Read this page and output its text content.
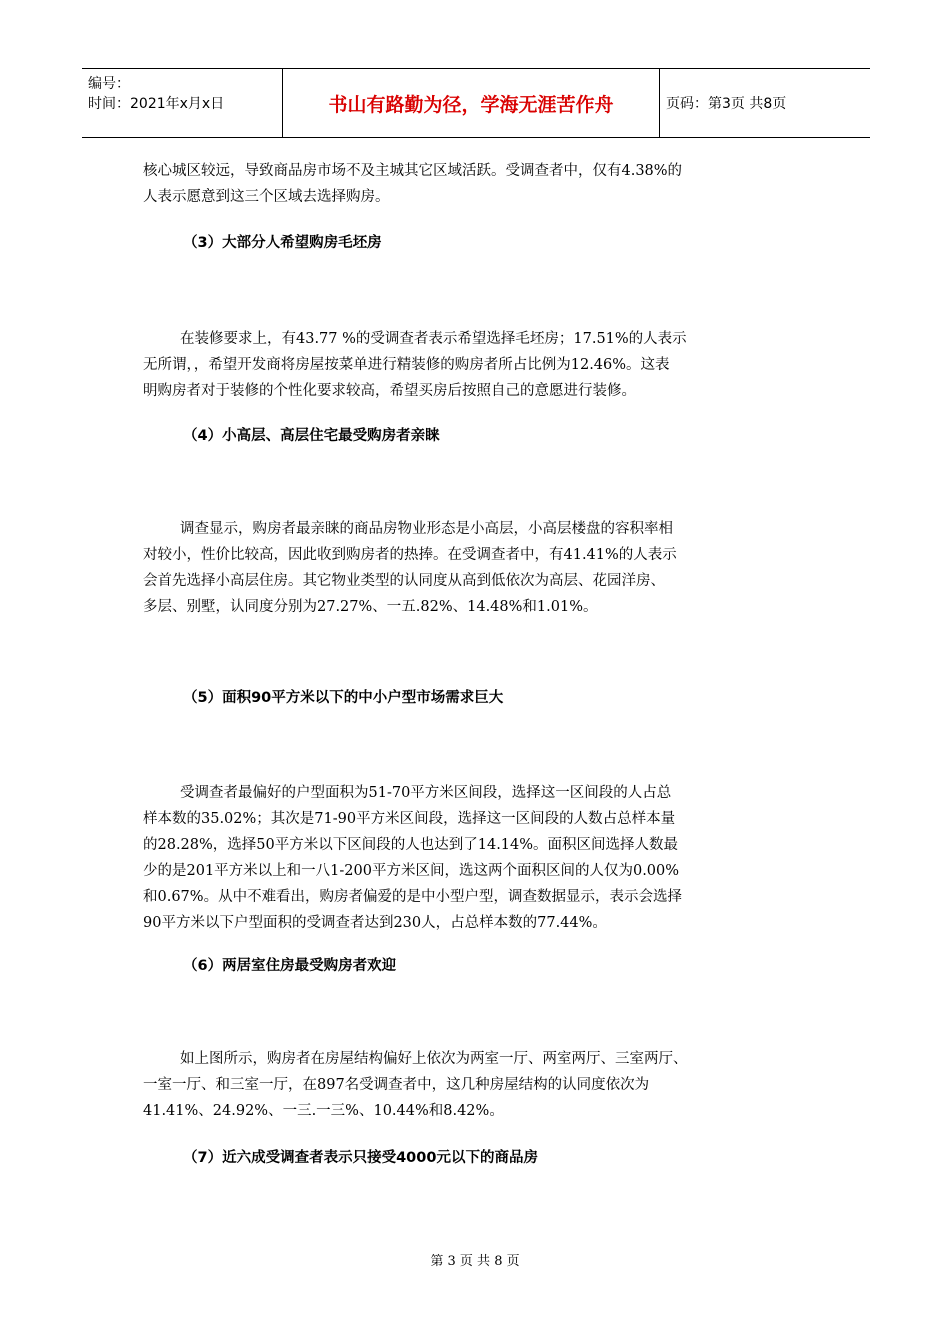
编号：
时间：2021年x月x日	书山有路勤为径，学海无涯苦作舟	页码：第3页 共8页
核心城区较远，导致商品房市场不及主城其它区域活跃。受调查者中，仅有4.38%的
人表示愿意到这三个区域去选择购房。
（3）大部分人希望购房毛坯房
在装修要求上，有43.77 %的受调查者表示希望选择毛坯房；17.51%的人表示
无所谓，，希望开发商将房屋按菜单进行精装修的购房者所占比例为12.46%。这表
明购房者对于装修的个性化要求较高，希望买房后按照自己的意愿进行装修。
（4）小高层、高层住宅最受购房者亲睐
调查显示，购房者最亲睐的商品房物业形态是小高层，小高层楼盘的容积率相
对较小，性价比较高，因此收到购房者的热捧。在受调查者中，有41.41%的人表示
会首先选择小高层住房。其它物业类型的认同度从高到低依次为高层、花园洋房、
多层、别墅，认同度分别为27.27%、一五.82%、14.48%和1.01%。
（5）面积90平方米以下的中小户型市场需求巨大
受调查者最偏好的户型面积为51-70平方米区间段，选择这一区间段的人占总
样本数的35.02%；其次是71-90平方米区间段，选择这一区间段的人数占总样本量
的28.28%，选择50平方米以下区间段的人也达到了14.14%。面积区间选择人数最
少的是201平方米以上和一八1-200平方米区间，选这两个面积区间的人仅为0.00%
和0.67%。从中不难看出，购房者偏爱的是中小型户型，调查数据显示，表示会选择
90平方米以下户型面积的受调查者达到230人，占总样本数的77.44%。
（6）两居室住房最受购房者欢迎
如上图所示，购房者在房屋结构偏好上依次为两室一厅、两室两厅、三室两厅、
一室一厅、和三室一厅，在897名受调查者中，这几种房屋结构的认同度依次为
41.41%、24.92%、一三.一三%、10.44%和8.42%。
（7）近六成受调查者表示只接受4000元以下的商品房
第 3 页 共 8 页
